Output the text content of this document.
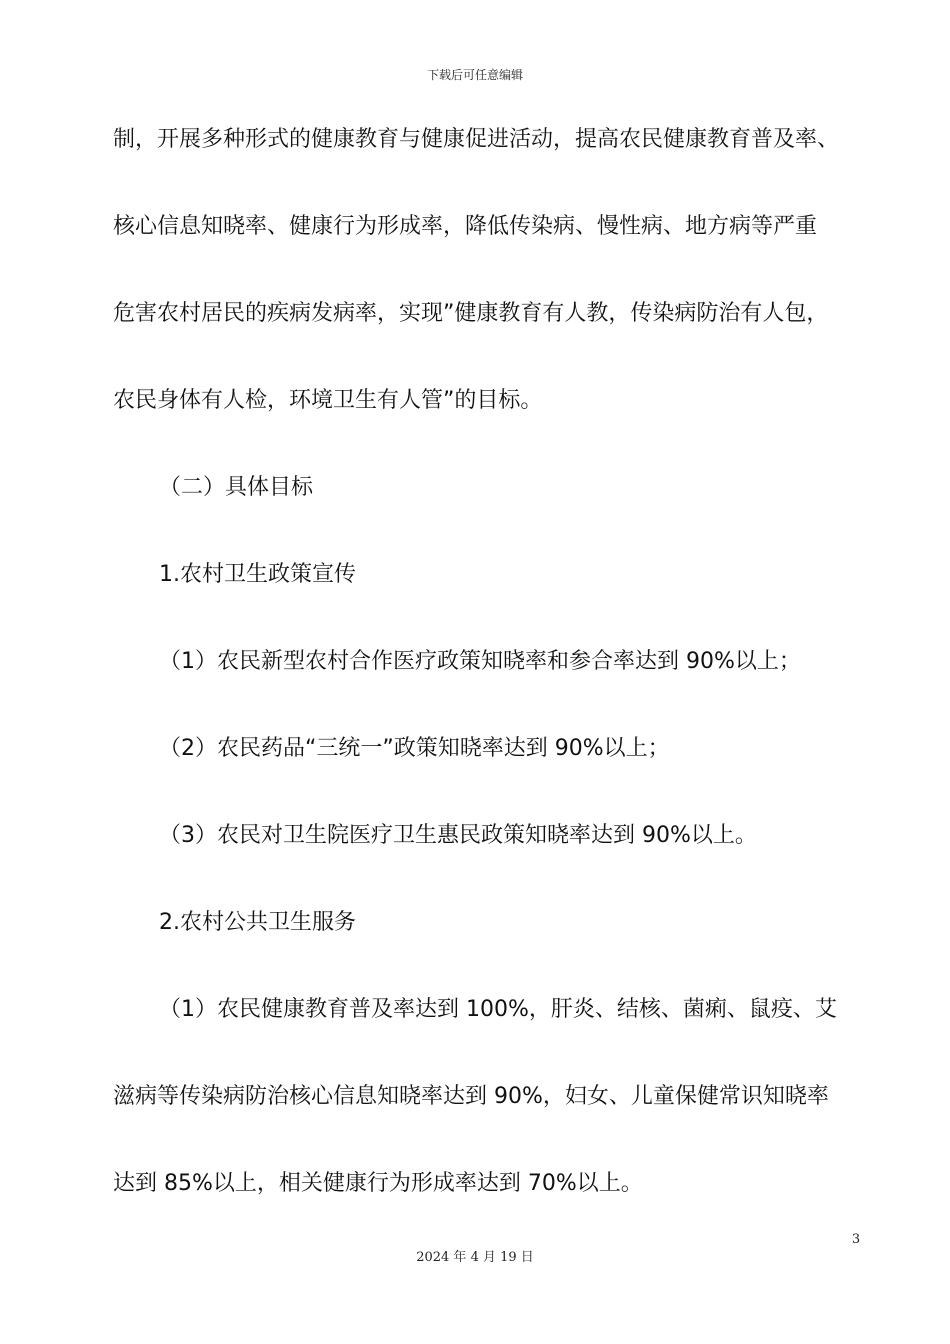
下载后可任意编辑
制，开展多种形式的健康教育与健康促进活动，提高农民健康教育普及率、
核心信息知晓率、健康行为形成率，降低传染病、慢性病、地方病等严重
危害农村居民的疾病发病率，实现”健康教育有人教，传染病防治有人包，
农民身体有人检，环境卫生有人管”的目标。
（二）具体目标
1.农村卫生政策宣传
（1）农民新型农村合作医疗政策知晓率和参合率达到 90%以上；
（2）农民药品“三统一”政策知晓率达到 90%以上；
（3）农民对卫生院医疗卫生惠民政策知晓率达到 90%以上。
2.农村公共卫生服务
（1）农民健康教育普及率达到 100%，肝炎、结核、菌痢、鼠疫、艾
滋病等传染病防治核心信息知晓率达到 90%，妇女、儿童保健常识知晓率
达到 85%以上，相关健康行为形成率达到 70%以上。
3
2024 年 4 月 19 日
